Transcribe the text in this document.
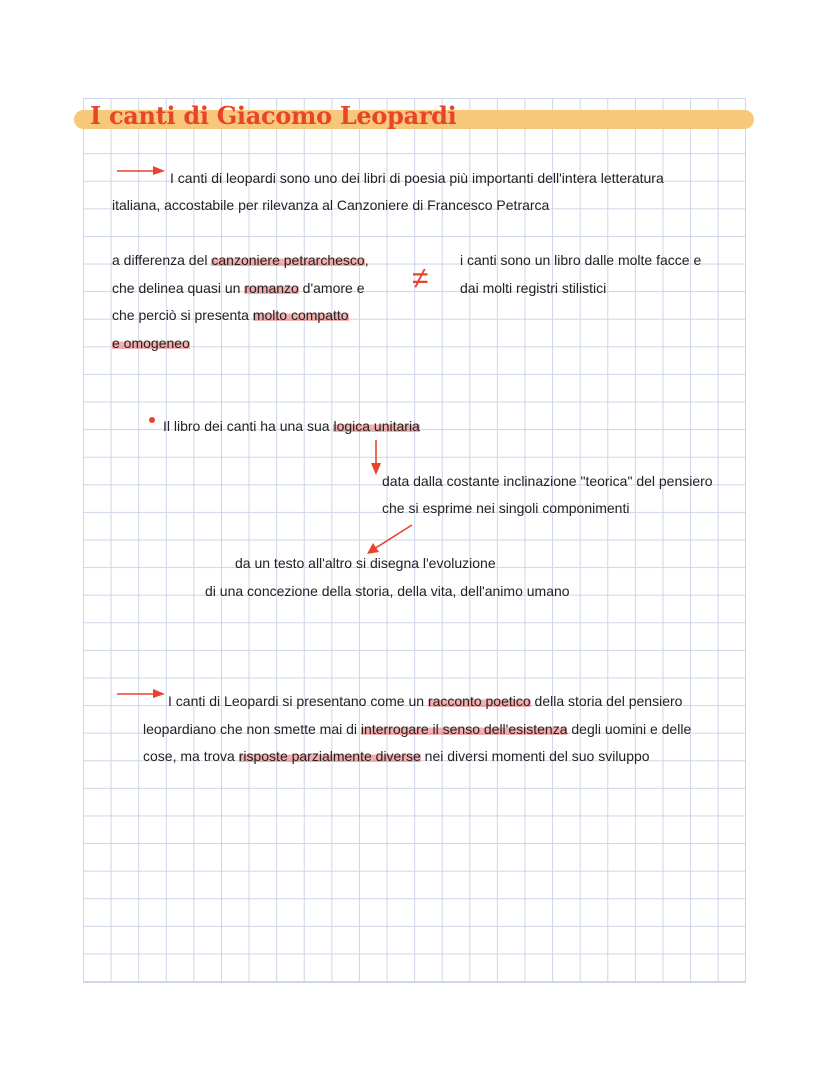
I canti di Giacomo Leopardi
I canti di leopardi sono uno dei libri di poesia più importanti dell'intera letteratura
italiana, accostabile per rilevanza al Canzoniere di Francesco Petrarca
a differenza del canzoniere petrarchesco,
che delinea quasi un romanzo d'amore e
che perciò si presenta molto compatto
e omogeneo
≠
i canti sono un libro dalle molte facce e
dai molti registri stilistici
Il libro dei canti ha una sua logica unitaria
data dalla costante inclinazione "teorica" del pensiero
che si esprime nei singoli componimenti
da un testo all'altro si disegna l'evoluzione
di una concezione della storia, della vita, dell'animo umano
I canti di Leopardi si presentano come un racconto poetico della storia del pensiero
leopardiano che non smette mai di interrogare il senso dell'esistenza degli uomini e delle
cose, ma trova risposte parzialmente diverse nei diversi momenti del suo sviluppo
